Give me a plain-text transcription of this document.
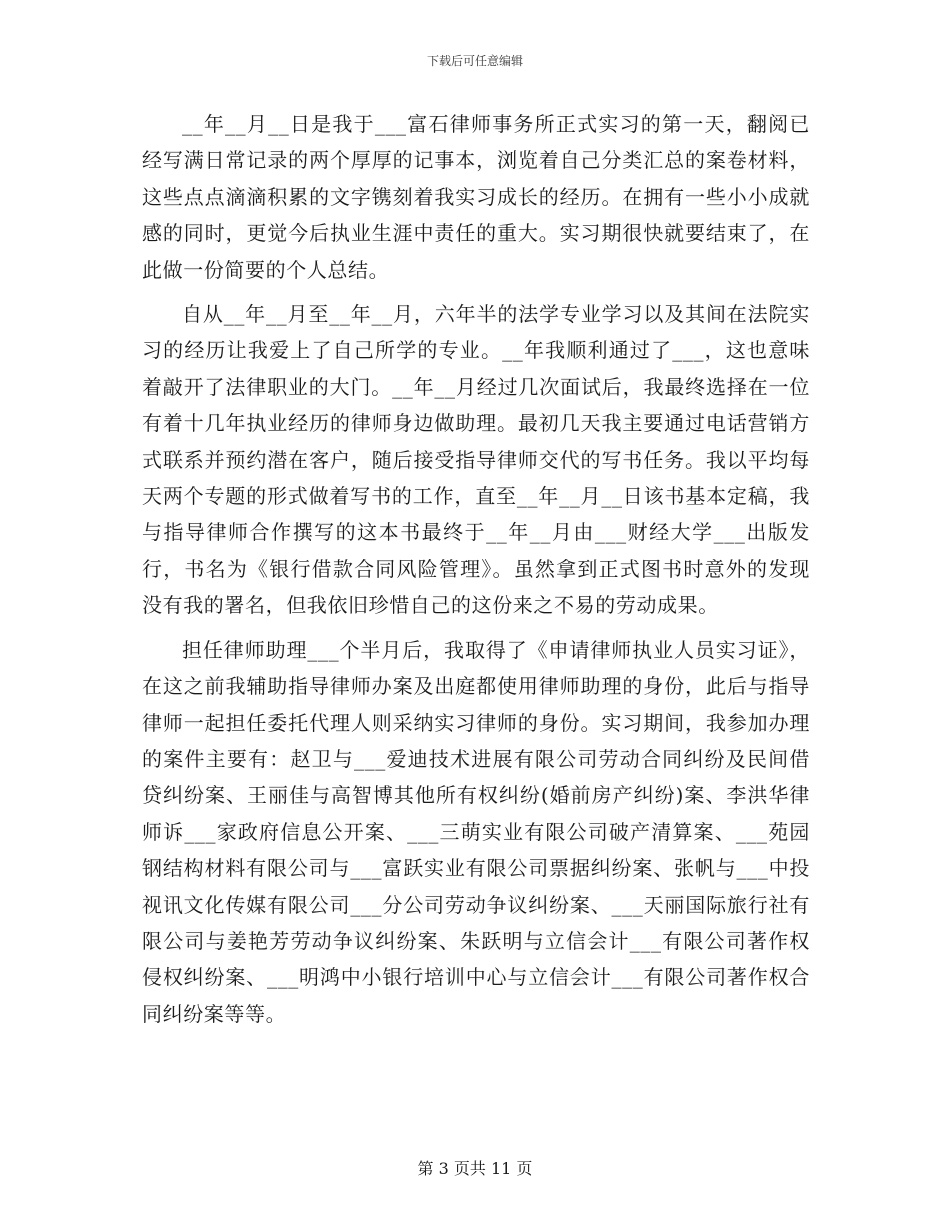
下载后可任意编辑

__年__月__日是我于___富石律师事务所正式实习的第一天，翻阅已经写满日常记录的两个厚厚的记事本，浏览着自己分类汇总的案卷材料，这些点点滴滴积累的文字镌刻着我实习成长的经历。在拥有一些小小成就感的同时，更觉今后执业生涯中责任的重大。实习期很快就要结束了，在此做一份简要的个人总结。

自从__年__月至__年__月，六年半的法学专业学习以及其间在法院实习的经历让我爱上了自己所学的专业。__年我顺利通过了___，这也意味着敲开了法律职业的大门。__年__月经过几次面试后，我最终选择在一位有着十几年执业经历的律师身边做助理。最初几天我主要通过电话营销方式联系并预约潜在客户，随后接受指导律师交代的写书任务。我以平均每天两个专题的形式做着写书的工作，直至__年__月__日该书基本定稿，我与指导律师合作撰写的这本书最终于__年__月由___财经大学___出版发行，书名为《银行借款合同风险管理》。虽然拿到正式图书时意外的发现没有我的署名，但我依旧珍惜自己的这份来之不易的劳动成果。

担任律师助理___个半月后，我取得了《申请律师执业人员实习证》，在这之前我辅助指导律师办案及出庭都使用律师助理的身份，此后与指导律师一起担任委托代理人则采纳实习律师的身份。实习期间，我参加办理的案件主要有：赵卫与___爱迪技术进展有限公司劳动合同纠纷及民间借贷纠纷案、王丽佳与高智博其他所有权纠纷(婚前房产纠纷)案、李洪华律师诉___家政府信息公开案、___三萌实业有限公司破产清算案、___苑园钢结构材料有限公司与___富跃实业有限公司票据纠纷案、张帆与___中投视讯文化传媒有限公司___分公司劳动争议纠纷案、___天丽国际旅行社有限公司与姜艳芳劳动争议纠纷案、朱跃明与立信会计___有限公司著作权侵权纠纷案、___明鸿中小银行培训中心与立信会计___有限公司著作权合同纠纷案等等。

第 3 页共 11 页
